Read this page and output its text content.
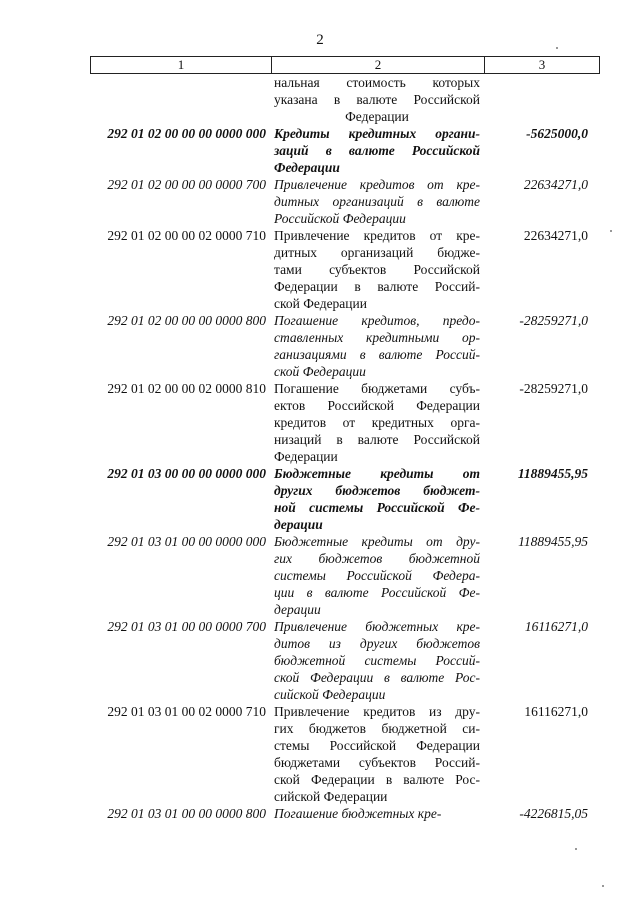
2
1	2	3
нальная стоимость которых
указана в валюте Российской
Федерации
292 01 02 00 00 00 0000 000 Кредиты кредитных органи-
заций в валюте Российской
Федерации
-5625000,0
292 01 02 00 00 00 0000 700 Привлечение кредитов от кре-
дитных организаций в валюте
Российской Федерации
22634271,0
292 01 02 00 00 02 0000 710 Привлечение кредитов от кре-
дитных организаций бюдже-
тами субъектов Российской
Федерации в валюте Россий-
ской Федерации
22634271,0
292 01 02 00 00 00 0000 800 Погашение кредитов, предо-
ставленных кредитными ор-
ганизациями в валюте Россий-
ской Федерации
-28259271,0
292 01 02 00 00 02 0000 810 Погашение бюджетами субъ-
ектов Российской Федерации
кредитов от кредитных орга-
низаций в валюте Российской
Федерации
-28259271,0
292 01 03 00 00 00 0000 000 Бюджетные кредиты от
других бюджетов бюджет-
ной системы Российской Фе-
дерации
11889455,95
292 01 03 01 00 00 0000 000 Бюджетные кредиты от дру-
гих бюджетов бюджетной
системы Российской Федера-
ции в валюте Российской Фе-
дерации
11889455,95
292 01 03 01 00 00 0000 700 Привлечение бюджетных кре-
дитов из других бюджетов
бюджетной системы Россий-
ской Федерации в валюте Рос-
сийской Федерации
16116271,0
292 01 03 01 00 02 0000 710 Привлечение кредитов из дру-
гих бюджетов бюджетной си-
стемы Российской Федерации
бюджетами субъектов Россий-
ской Федерации в валюте Рос-
сийской Федерации
16116271,0
292 01 03 01 00 00 0000 800 Погашение бюджетных кре-	-4226815,05
